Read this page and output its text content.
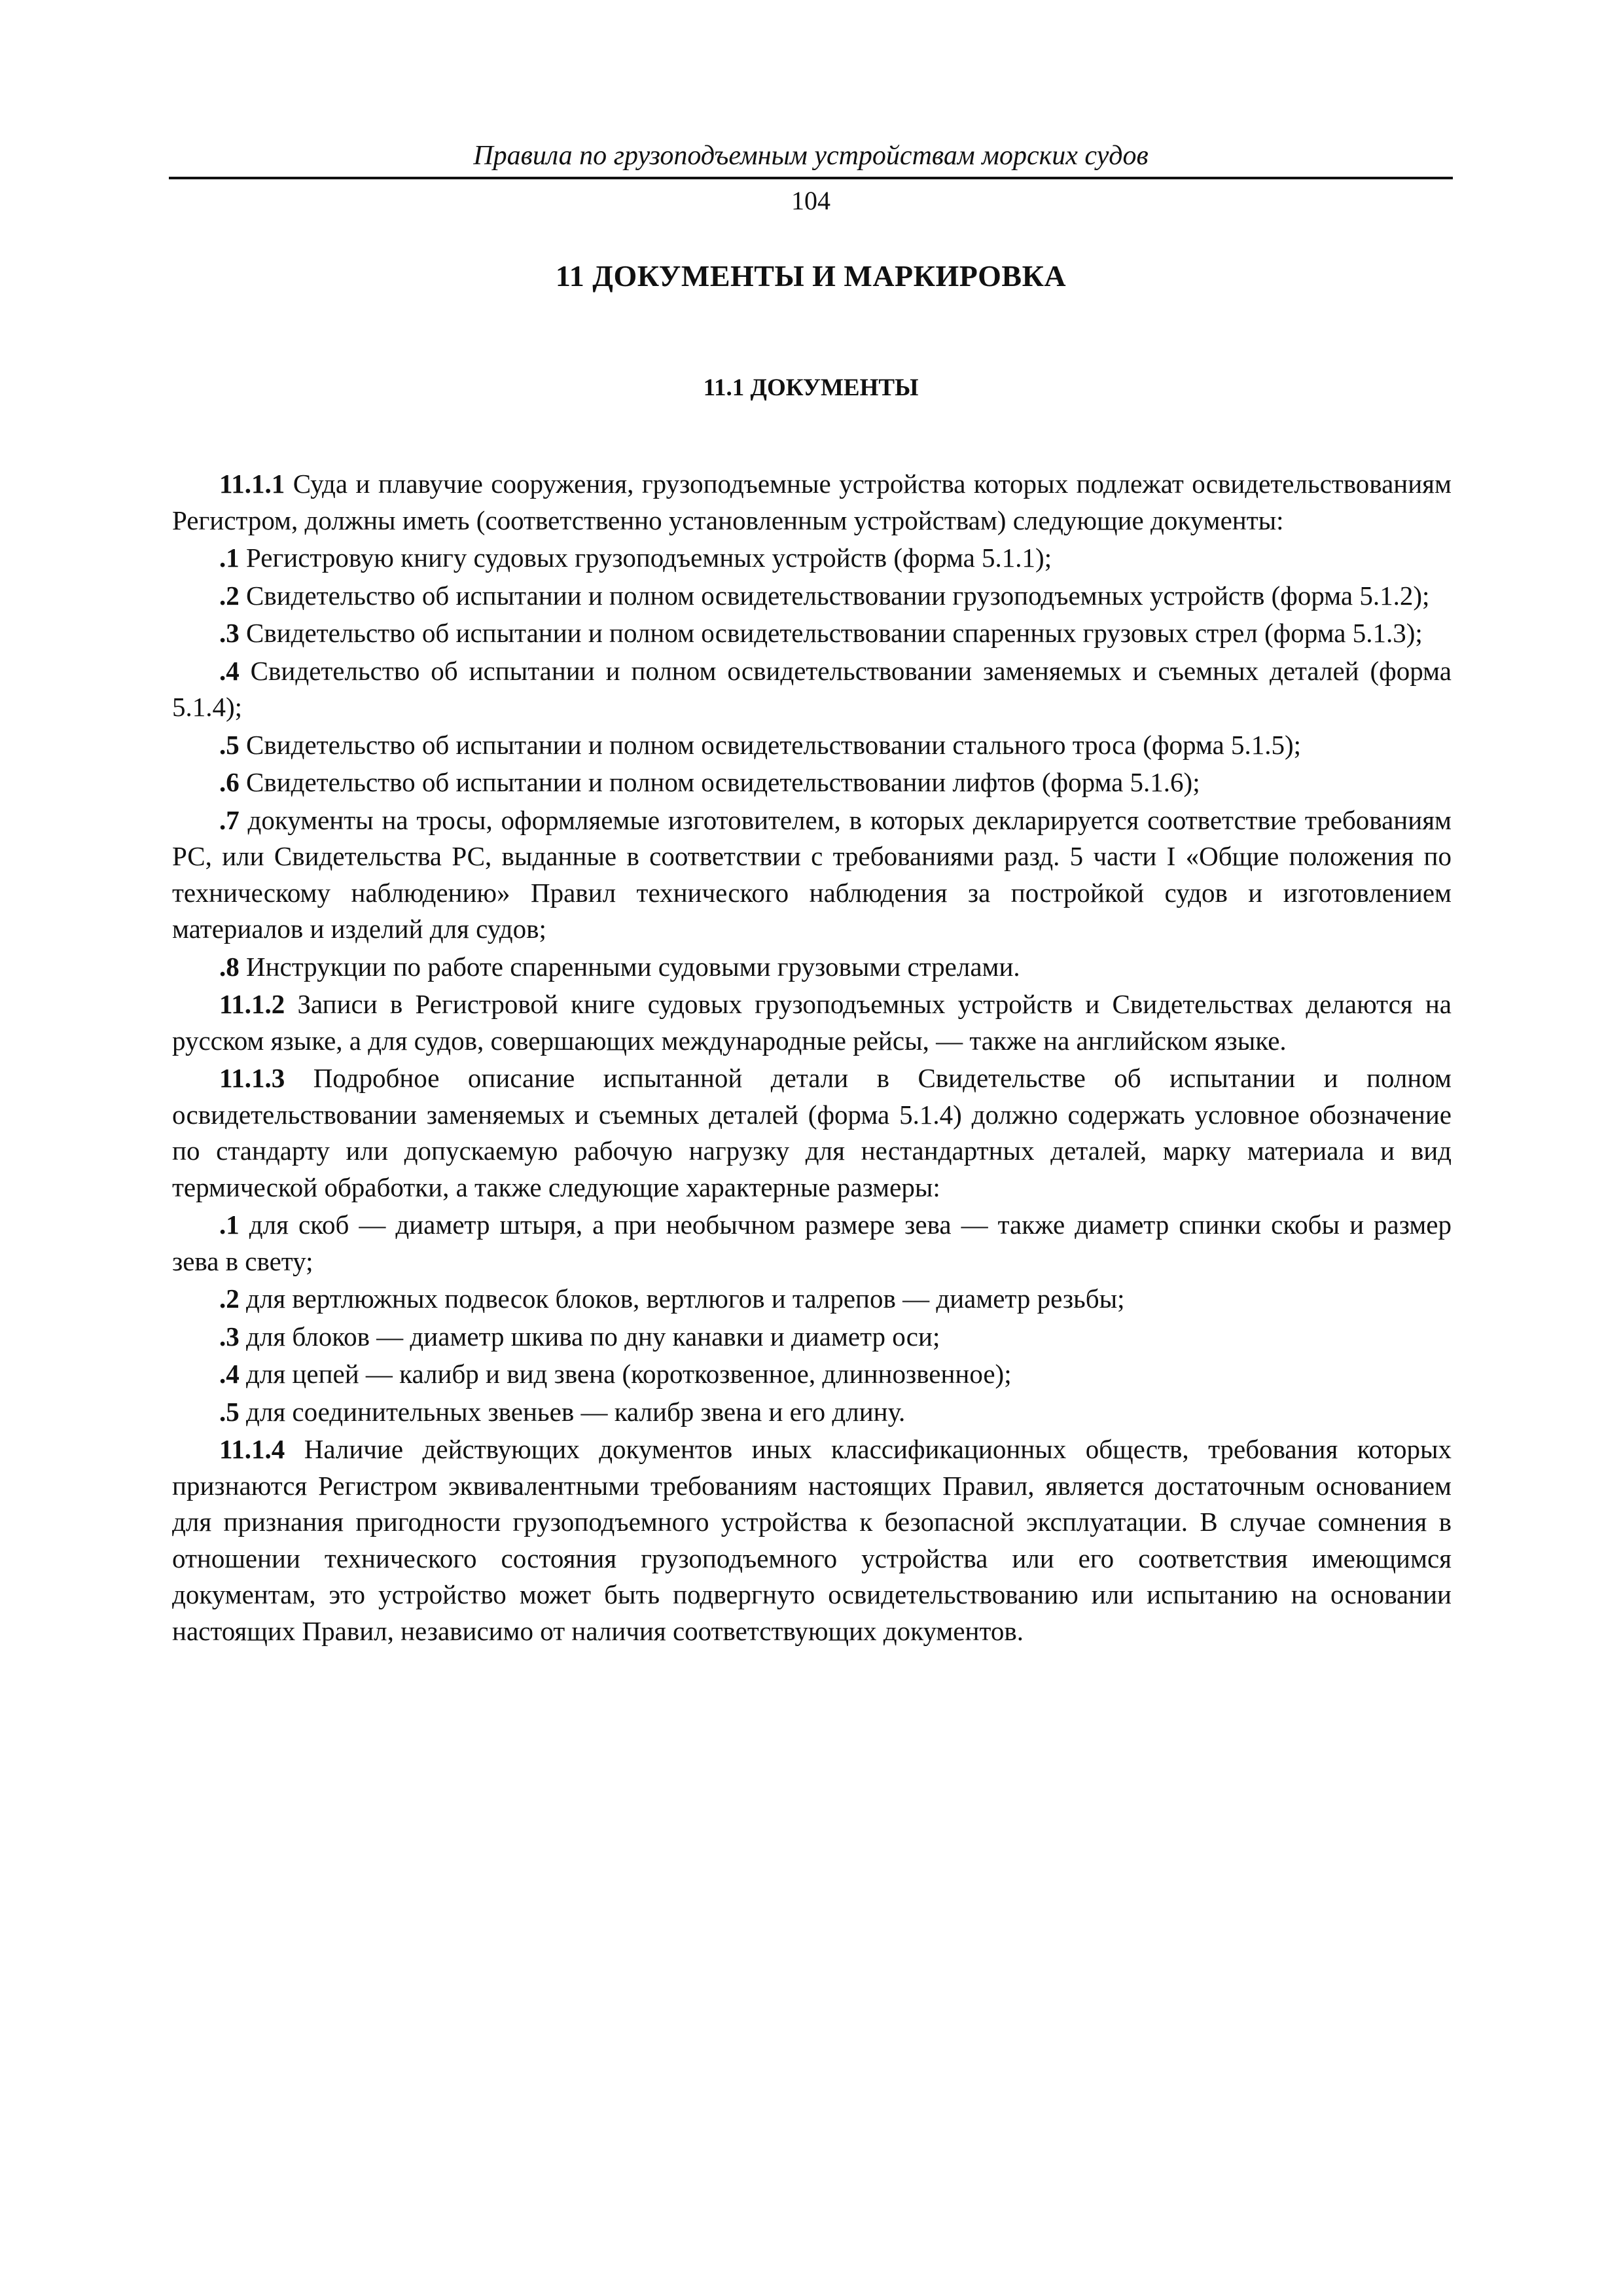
Правила по грузоподъемным устройствам морских судов
104
11 ДОКУМЕНТЫ И МАРКИРОВКА
11.1 ДОКУМЕНТЫ

11.1.1 Суда и плавучие сооружения, грузоподъемные устройства которых подлежат освидетельствованиям Регистром, должны иметь (соответственно установленным устройствам) следующие документы:

.1 Регистровую книгу судовых грузоподъемных устройств (форма 5.1.1);

.2 Свидетельство об испытании и полном освидетельствовании грузоподъемных устройств (форма 5.1.2);

.3 Свидетельство об испытании и полном освидетельствовании спаренных грузовых стрел (форма 5.1.3);

.4 Свидетельство об испытании и полном освидетельствовании заменяемых и съемных деталей (форма 5.1.4);

.5 Свидетельство об испытании и полном освидетельствовании стального троса (форма 5.1.5);

.6 Свидетельство об испытании и полном освидетельствовании лифтов (форма 5.1.6);

.7 документы на тросы, оформляемые изготовителем, в которых декларируется соответствие требованиям РС, или Свидетельства РС, выданные в соответствии с требованиями разд. 5 части I «Общие положения по техническому наблюдению» Правил технического наблюдения за постройкой судов и изготовлением материалов и изделий для судов;

.8 Инструкции по работе спаренными судовыми грузовыми стрелами.

11.1.2 Записи в Регистровой книге судовых грузоподъемных устройств и Свидетельствах делаются на русском языке, а для судов, совершающих международные рейсы, — также на английском языке.

11.1.3 Подробное описание испытанной детали в Свидетельстве об испытании и полном освидетельствовании заменяемых и съемных деталей (форма 5.1.4) должно содержать условное обозначение по стандарту или допускаемую рабочую нагрузку для нестандартных деталей, марку материала и вид термической обработки, а также следующие характерные размеры:

.1 для скоб — диаметр штыря, а при необычном размере зева — также диаметр спинки скобы и размер зева в свету;

.2 для вертлюжных подвесок блоков, вертлюгов и талрепов — диаметр резьбы;

.3 для блоков — диаметр шкива по дну канавки и диаметр оси;

.4 для цепей — калибр и вид звена (короткозвенное, длиннозвенное);

.5 для соединительных звеньев — калибр звена и его длину.

11.1.4 Наличие действующих документов иных классификационных обществ, требования которых признаются Регистром эквивалентными требованиям настоящих Правил, является достаточным основанием для признания пригодности грузоподъемного устройства к безопасной эксплуатации. В случае сомнения в отношении технического состояния грузоподъемного устройства или его соответствия имеющимся документам, это устройство может быть подвергнуто освидетельствованию или испытанию на основании настоящих Правил, независимо от наличия соответствующих документов.
